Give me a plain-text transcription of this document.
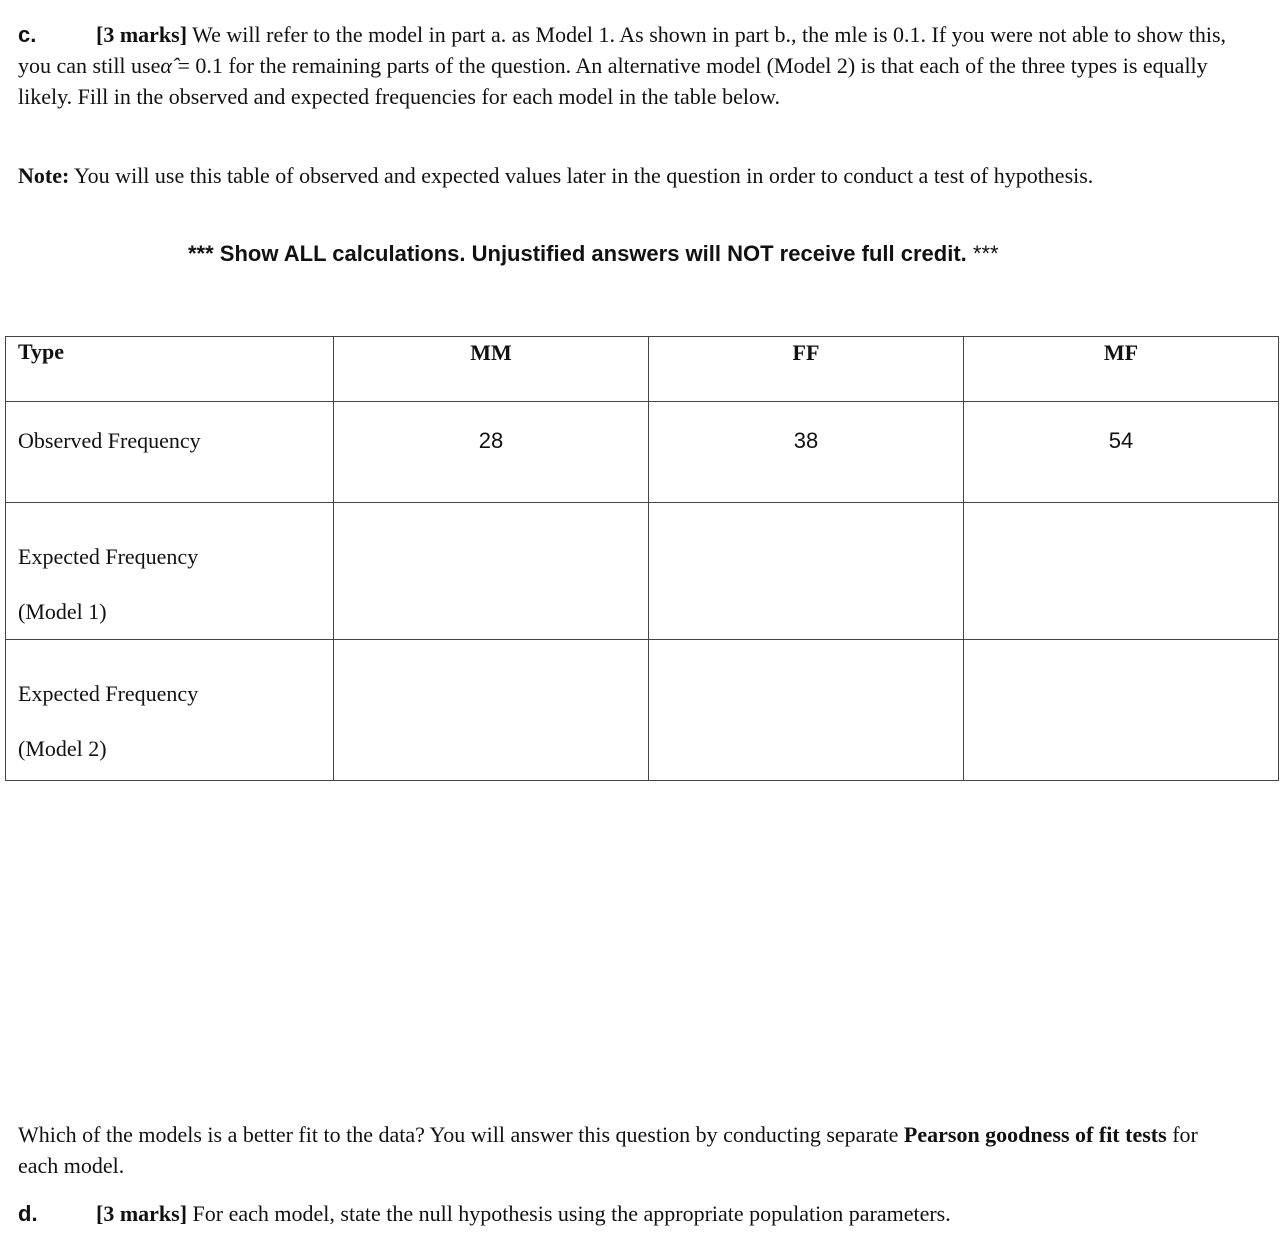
c.	[3 marks] We will refer to the model in part a. as Model 1. As shown in part b., the mle is 0.1. If you were not able to show this, you can still useα̂ = 0.1 for the remaining parts of the question. An alternative model (Model 2) is that each of the three types is equally likely. Fill in the observed and expected frequencies for each model in the table below.
Note: You will use this table of observed and expected values later in the question in order to conduct a test of hypothesis.
*** Show ALL calculations. Unjustified answers will NOT receive full credit. ***
Type	MM	FF	MF

Observed Frequency	28	38	54

Expected Frequency
(Model 1)			

Expected Frequency
(Model 2)			

Which of the models is a better fit to the data? You will answer this question by conducting separate Pearson goodness of fit tests for each model.
d.	[3 marks] For each model, state the null hypothesis using the appropriate population parameters.
